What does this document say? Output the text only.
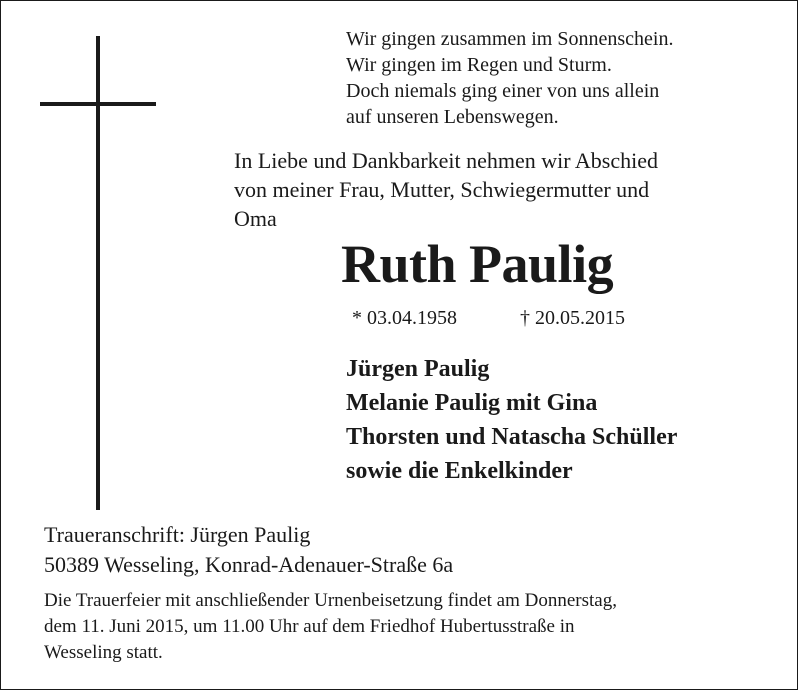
Wir gingen zusammen im Sonnenschein.
Wir gingen im Regen und Sturm.
Doch niemals ging einer von uns allein
auf unseren Lebenswegen.
In Liebe und Dankbarkeit nehmen wir Abschied
von meiner Frau, Mutter, Schwiegermutter und
Oma
Ruth Paulig
* 03.04.1958	† 20.05.2015
Jürgen Paulig
Melanie Paulig mit Gina
Thorsten und Natascha Schüller
sowie die Enkelkinder
Traueranschrift: Jürgen Paulig
50389 Wesseling, Konrad-Adenauer-Straße 6a
Die Trauerfeier mit anschließender Urnenbeisetzung findet am Donnerstag,
dem 11. Juni 2015, um 11.00 Uhr auf dem Friedhof Hubertusstraße in
Wesseling statt.
